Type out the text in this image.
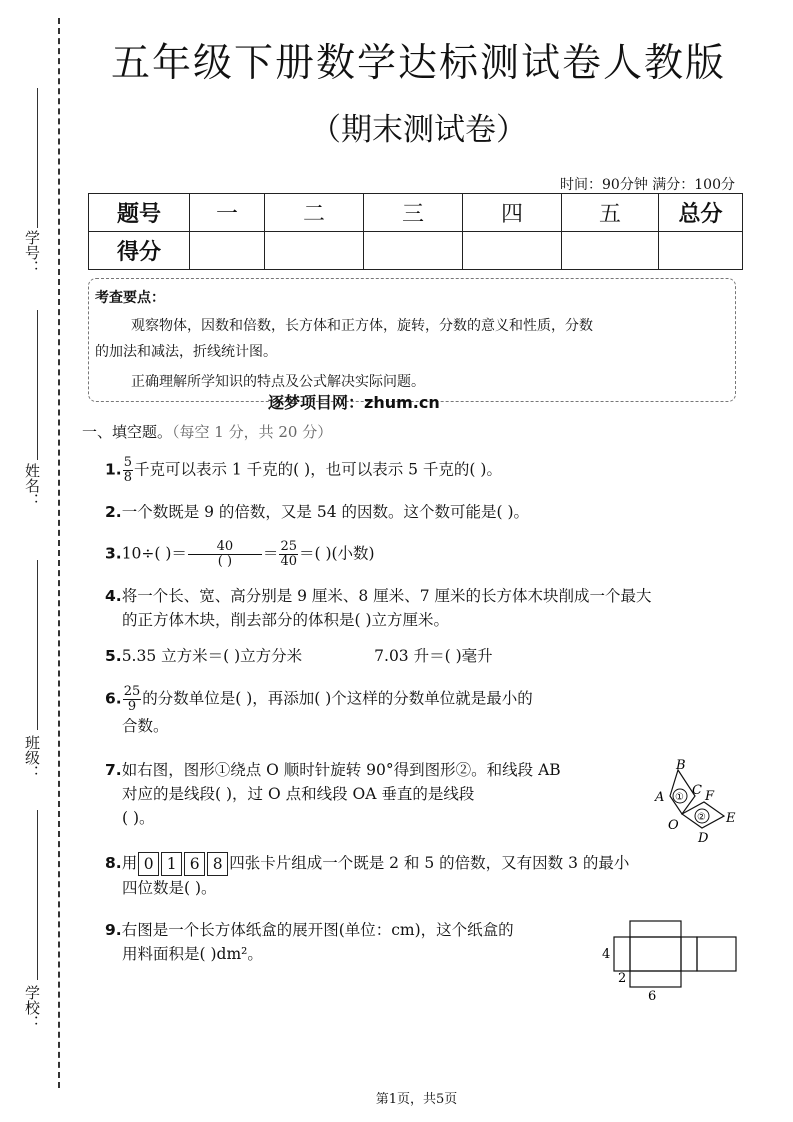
学号：
姓名：
班级：
学校：
五年级下册数学达标测试卷人教版
（期末测试卷）
时间：90分钟 满分：100分
题号	一	二	三	四	五	总分
得分						
考查要点：
观察物体，因数和倍数，长方体和正方体，旋转，分数的意义和性质，分数
的加法和减法，折线统计图。
正确理解所学知识的特点及公式解决实际问题。
逐梦项目网：zhum.cn
一、填空题。（每空 1 分，共 20 分）
1. $\frac{5}{8}$ 千克可以表示 1 千克的( )，也可以表示 5 千克的( )。
2.一个数既是 9 的倍数，又是 54 的因数。这个数可能是( )。
3.10÷( )＝ $\frac{40}{( )} = \frac{25}{40}$ ＝( )(小数)
4.将一个长、宽、高分别是 9 厘米、8 厘米、7 厘米的长方体木块削成一个最大
的正方体木块，削去部分的体积是( )立方厘米。
5.5.35 立方米＝( )立方分米	7.03 升＝( )毫升
6. $\frac{25}{9}$ 的分数单位是( )，再添加( )个这样的分数单位就是最小的
合数。
7.如右图，图形①绕点 O 顺时针旋转 90°得到图形②。和线段 AB
对应的是线段( )，过 O 点和线段 OA 垂直的是线段
( )。
B
A ① C F
O
② E
D
8.用 0 1 6 8 四张卡片组成一个既是 2 和 5 的倍数，又有因数 3 的最小
四位数是( )。
9.右图是一个长方体纸盒的展开图(单位：cm)，这个纸盒的
用料面积是( )dm²。	4
2
6
第1页，共5页
